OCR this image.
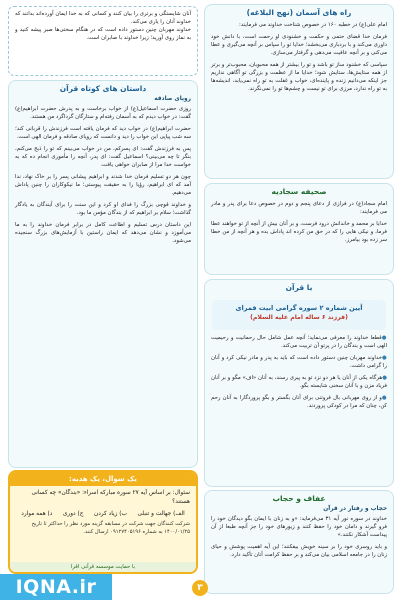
راه های آسمان (نهج البلاغه)
امام علی(ع) در خطبه ۱۶۰ در خصوص شناخت خداوند می فرمایند:
فرمان خدا قضای حتمی و حکمت و خشنودی او رحمت است، با دانش خود داوری می‌کند و با بردباری می‌بخشد؛ خدایا تو را سپاس بر آنچه می‌گیری و عطا می‌کنی و بر آنچه عافیت می‌دهی و گرفتار می‌سازی.
سپاسی که خشنود ساز تو باشد و تو را بیشتر از همه محبوبان، محبوب‌تر و برتر از همه ستایش‌ها، ستایش شود؛ خدایا ما از عظمت و بزرگی تو آگاهی نداریم جز اینکه می‌دانیم زنده و پاینده‌ای، خواب و غفلت به تو راه نمی‌یابد، اندیشه‌ها به تو راه ندارد، مرزی برای تو نیست و چشم‌ها تو را نمی‌نگرند.
صحیفه سجادیه
امام سجاد(ع) در فرازی از دعای پنجم و دوم در خصوص دعا برای پدر و مادر می فرمایند:
خدایا بر محمد و خاندانش درود فرست، و بر آنان بیش از آنچه از تو خواهند عطا فرما، و نیکی هایی را که در حق من کرده اند پاداش بده و هر آنچه از من خطا سر زده بود بیامرز.
با قرآن
● قطعا خداوند را معرفی می‌نماید؛ آنچه عمل شامل حال رحمانیت و رحیمیت الهی است و بندگان را در پرتو آن تربیت می‌کند.
● خداوند مهربان چنین دستور داده است که باید به پدر و مادر نیکی کرد و آنان را گرامی داشت.
● هرگاه یکی از آنان یا هر دو نزد تو به پیری رسند، به آنان «اف» مگو و بر آنان فریاد مزن و با آنان سخنی شایسته بگو.
● و از روی مهربانی بال فروتنی برای آنان بگستر و بگو پروردگارا به آنان رحم کن، چنان که مرا در کودکی پروردند.
آیین شماره ۲ سوره گرامی ابیت قمرای
(فرزند ۶ ساله امام علیه السلام)
عفاف و حجاب
حجاب و رفتار در قرآن
خداوند در سوره نور آیه ۳۱ می‌فرماید: «و به زنان با ایمان بگو دیدگان خود را فرو گیرند و دامان خود را حفظ کنند و زیورهای خود را جز آنچه طبعا از آن پیداست آشکار نکنند.»
و باید روسری خود را بر سینه خویش بیفکنند؛ این آیه اهمیت پوشش و حیای زنان را در جامعه اسلامی بیان می‌کند و بر حفظ کرامت آنان تأکید دارد.
آنان شایستگی و برتری را بیان کنند و کسانی که به خدا ایمان آورده‌اند بدانند که خداوند آنان را یاری می‌کند.
خداوند مهربان چنین دستور داده است که در هنگام سختی‌ها صبر پیشه کنید و به نماز روی آورید؛ زیرا خداوند با صابران است.
داستان های کوتاه قرآن
رویای صادقه
روزی حضرت اسماعیل(ع) از خواب برخاست و به پدرش حضرت ابراهیم(ع) گفت: در خواب دیدم که به آسمان رفته‌ام و ستارگان گرداگرد من هستند.
حضرت ابراهیم(ع) در خواب دید که فرمان یافته است فرزندش را قربانی کند؛ سه شب پیاپی این خواب را دید و دانست که رویای صادقه و فرمان الهی است.
پس به فرزندش گفت: ای پسرکم، من در خواب می‌بینم که تو را ذبح می‌کنم، بنگر تا چه می‌بینی؟ اسماعیل گفت: ای پدر، آنچه را مأموری انجام ده که به خواست خدا مرا از صابران خواهی یافت.
چون هر دو تسلیم فرمان خدا شدند و ابراهیم پیشانی پسر را بر خاک نهاد، ندا آمد که ای ابراهیم، رؤیا را به حقیقت پیوستی؛ ما نیکوکاران را چنین پاداش می‌دهیم.
و خداوند قوچی بزرگ را فدای او کرد و این سنت را برای آیندگان به یادگار گذاشت؛ سلام بر ابراهیم که از بندگان مؤمن ما بود.
این داستان درس تسلیم و اطاعت کامل در برابر فرمان خداوند را به ما می‌آموزد و نشان می‌دهد که ایمان راستین با آزمایش‌های بزرگ سنجیده می‌شود.
یک سوال، یک هدیه:
سئوال: بر اساس آیه ۲۷ سوره مبارکه اسراء: «بندگان» چه کسانی هستند؟
الف) جهالت و تنبلی
ب) زیاد کردن
ج) دوری
د) همه موارد
شرکت کنندگان جهت شرکت در مسابقه گزینه مورد نظر را حداکثر تا تاریخ ۱۴۰۰/۰۱/۲۵ به شماره ۰۹۱۲۷۴۰۵۱۹۶ ارسال کنند.
با حمایت موسسه قرآنی اقرا
IQNA.ir	۳
